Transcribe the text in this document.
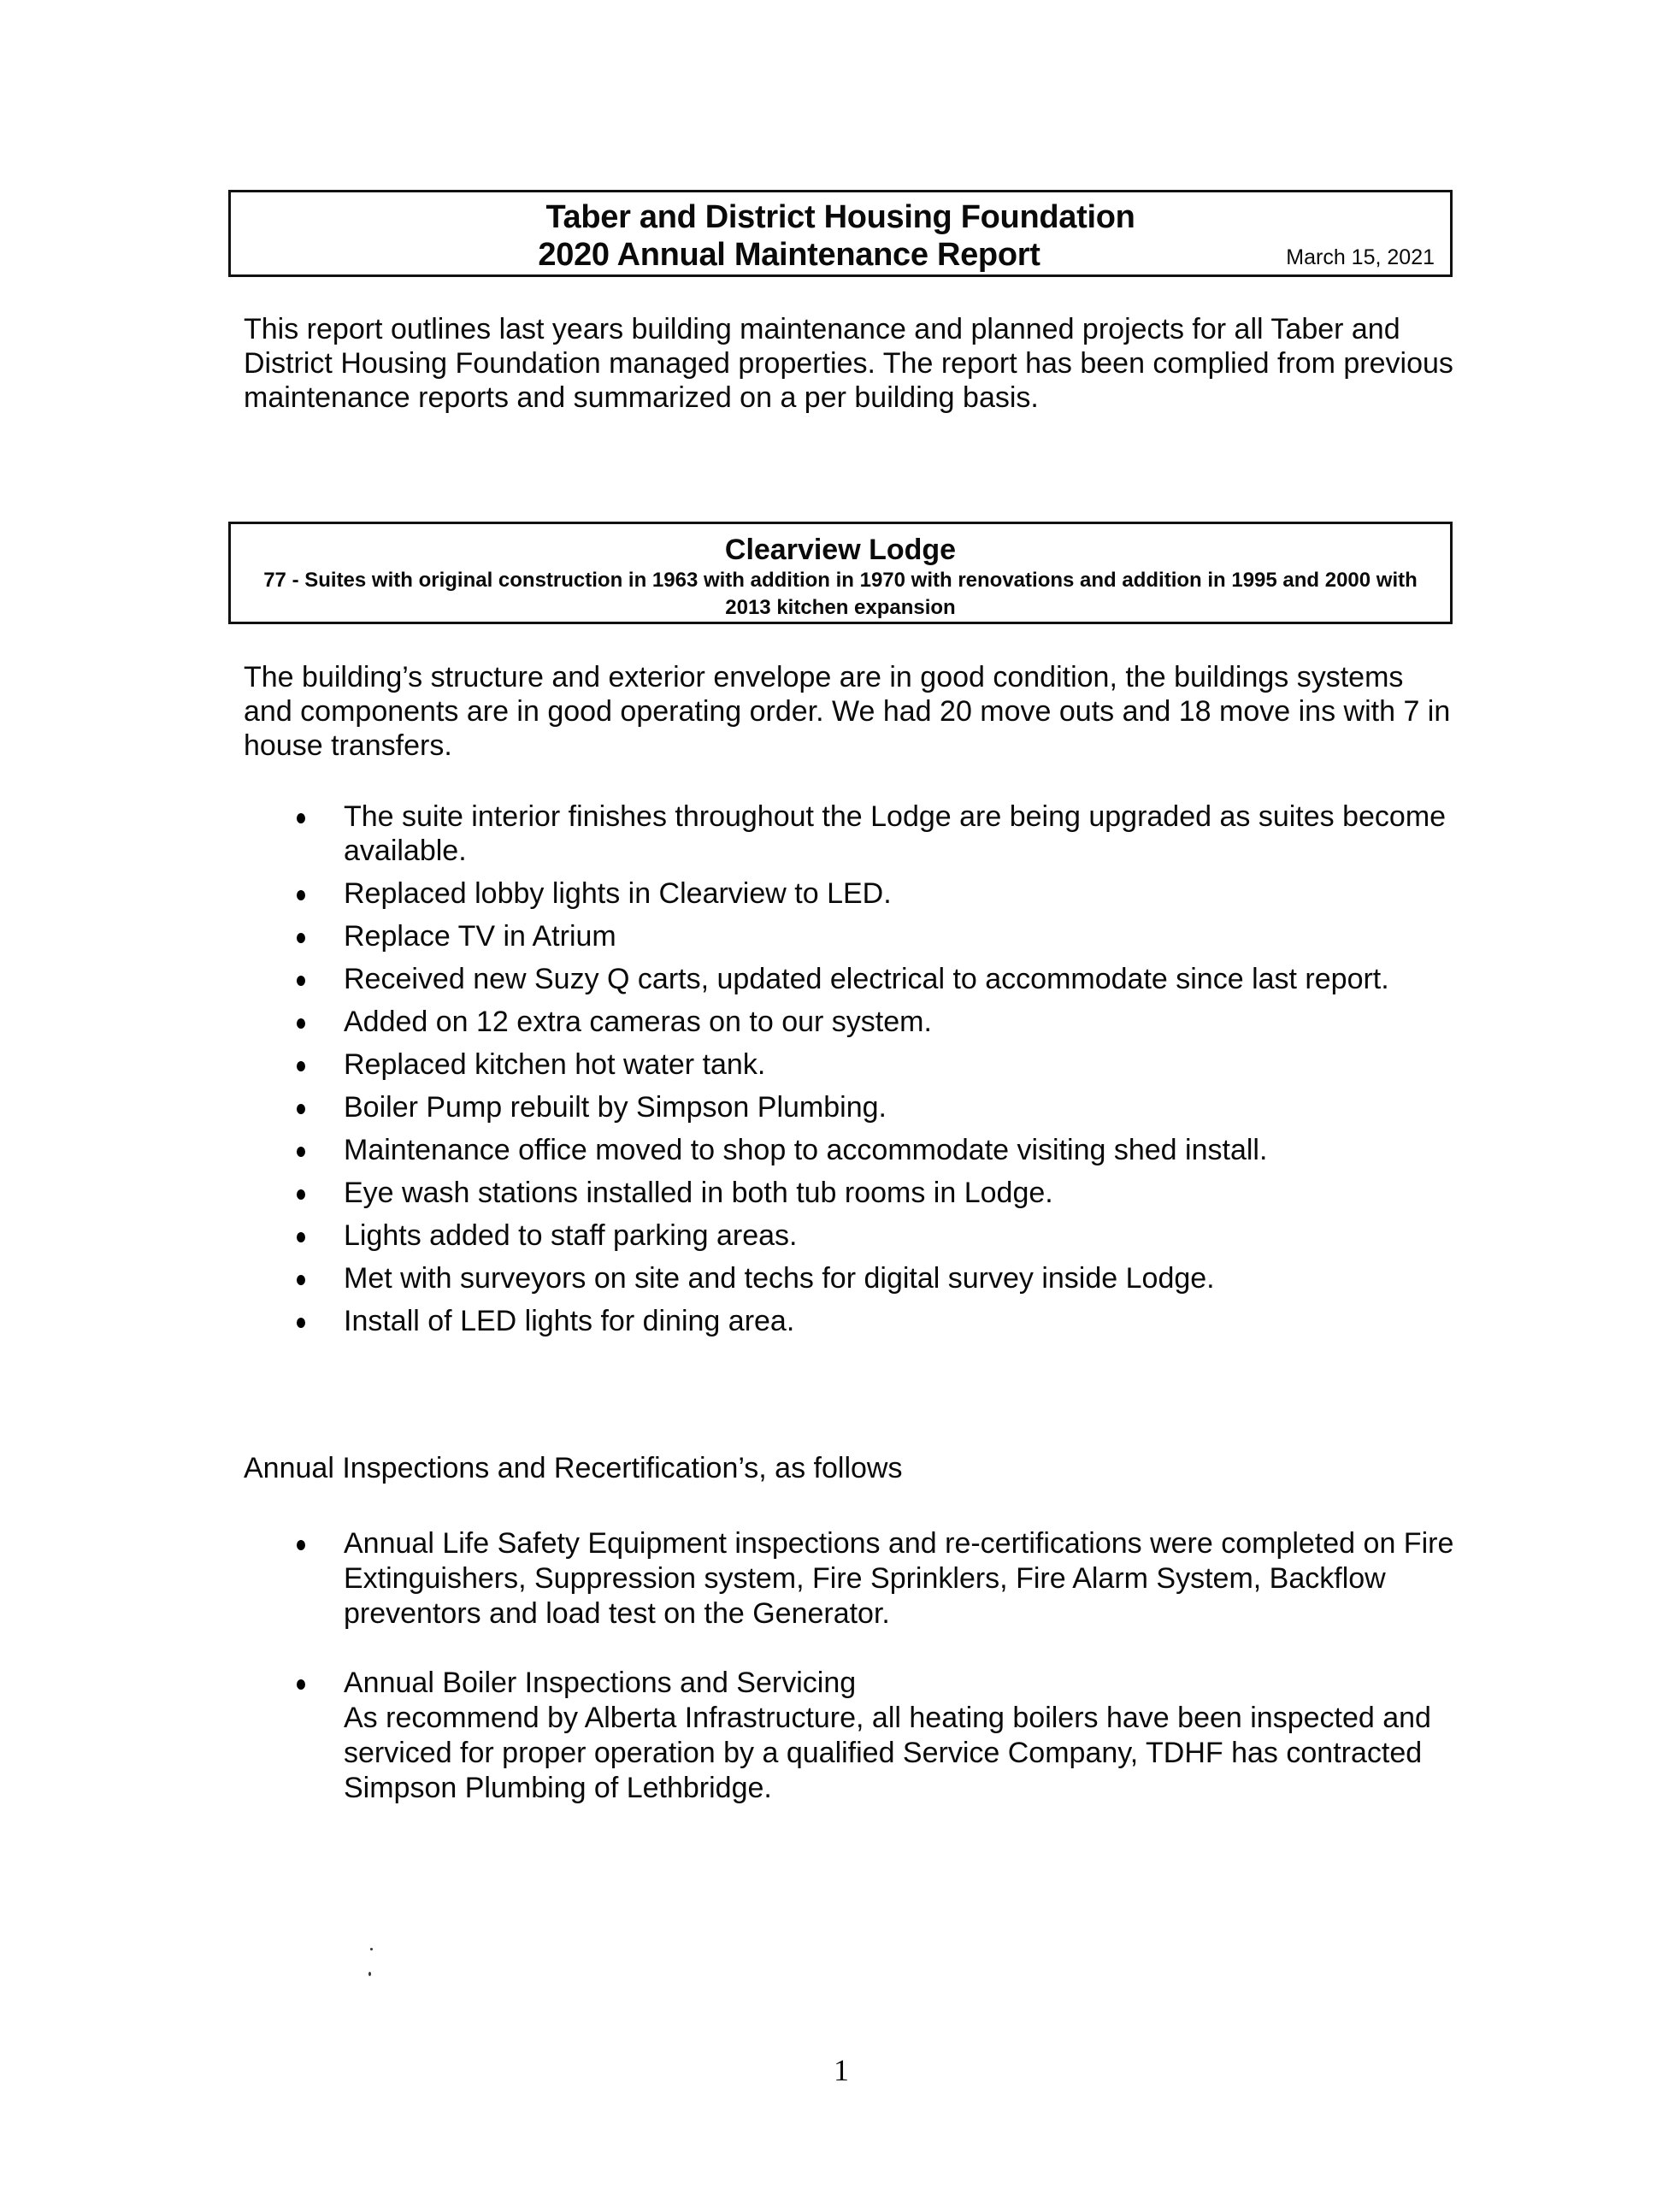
Taber and District Housing Foundation
2020 Annual Maintenance Report	March 15, 2021
This report outlines last years building maintenance and planned projects for all Taber and District Housing Foundation managed properties. The report has been complied from previous maintenance reports and summarized on a per building basis.
Clearview Lodge
77 - Suites with original construction in 1963 with addition in 1970 with renovations and addition in 1995 and 2000 with 2013 kitchen expansion
The building’s structure and exterior envelope are in good condition, the buildings systems and components are in good operating order. We had 20 move outs and 18 move ins with 7 in house transfers.
The suite interior finishes throughout the Lodge are being upgraded as suites become available.
Replaced lobby lights in Clearview to LED.
Replace TV in Atrium
Received new Suzy Q carts, updated electrical to accommodate since last report.
Added on 12 extra cameras on to our system.
Replaced kitchen hot water tank.
Boiler Pump rebuilt by Simpson Plumbing.
Maintenance office moved to shop to accommodate visiting shed install.
Eye wash stations installed in both tub rooms in Lodge.
Lights added to staff parking areas.
Met with surveyors on site and techs for digital survey inside Lodge.
Install of LED lights for dining area.
Annual Inspections and Recertification’s, as follows
Annual Life Safety Equipment inspections and re-certifications were completed on Fire Extinguishers, Suppression system, Fire Sprinklers, Fire Alarm System, Backflow preventors and load test on the Generator.
Annual Boiler Inspections and Servicing
As recommend by Alberta Infrastructure, all heating boilers have been inspected and serviced for proper operation by a qualified Service Company, TDHF has contracted Simpson Plumbing of Lethbridge.
1
